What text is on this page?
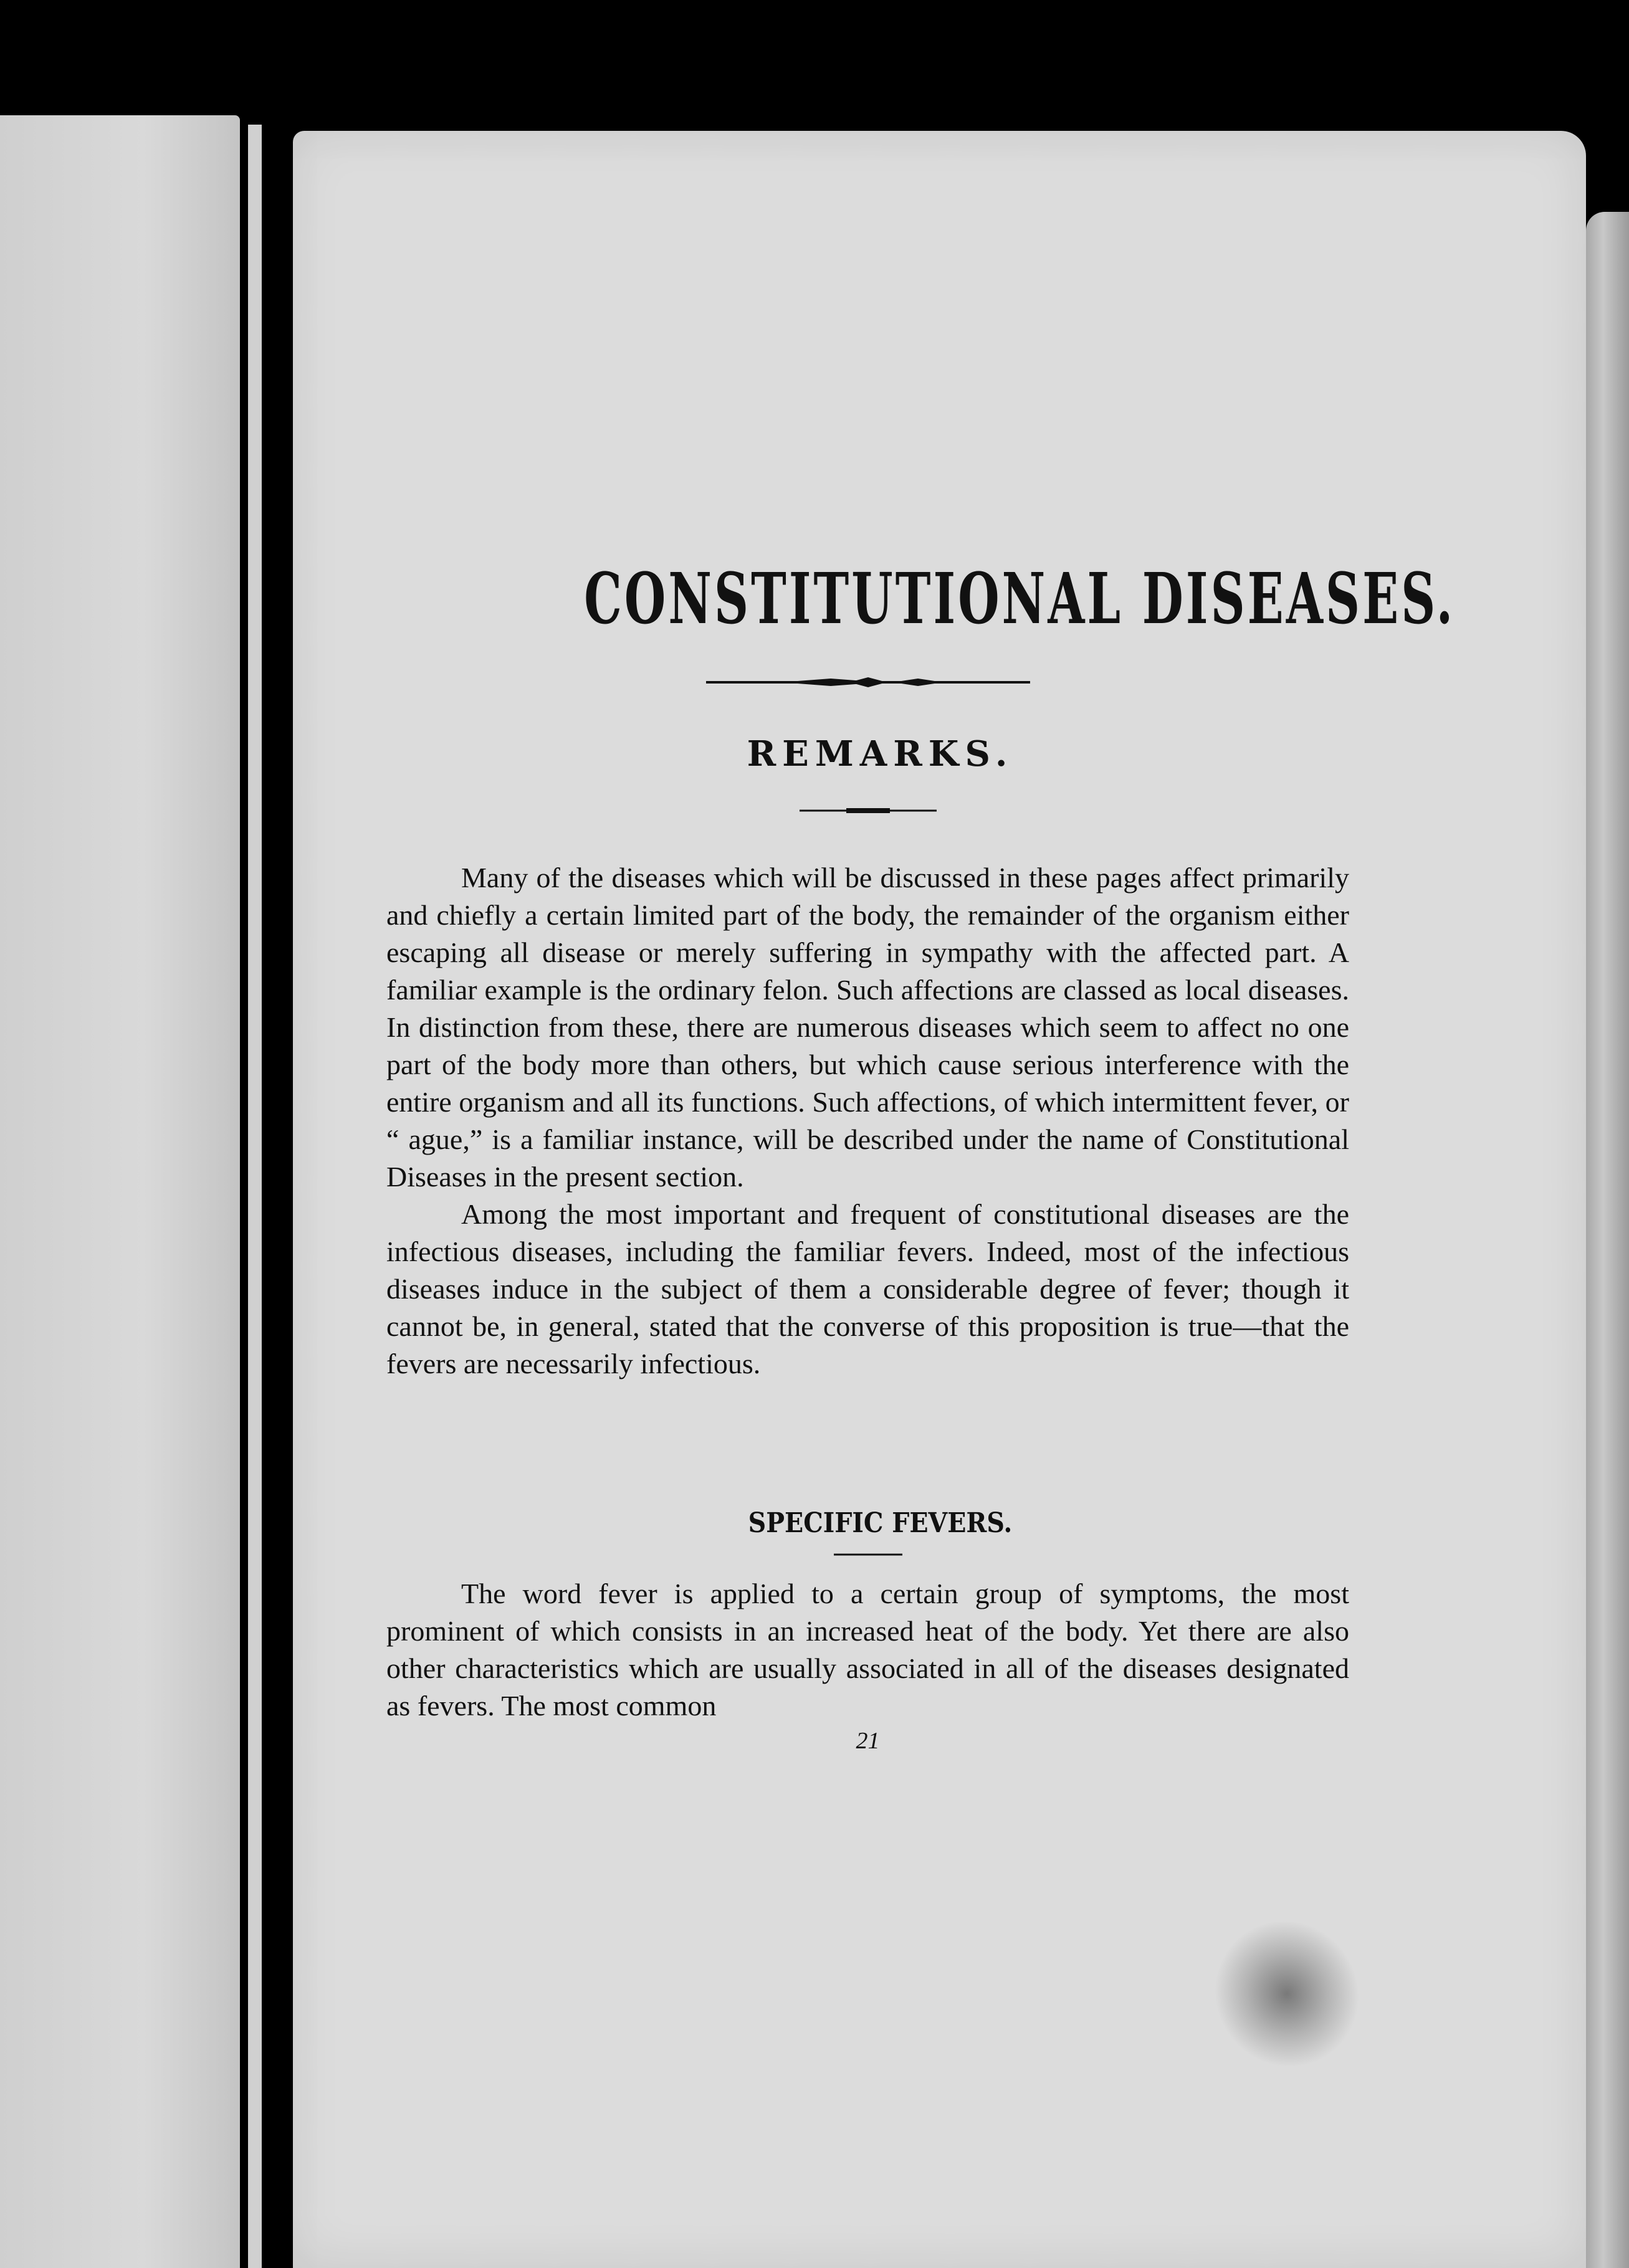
CONSTITUTIONAL DISEASES.
REMARKS.

Many of the diseases which will be discussed in these pages affect primarily and chiefly a certain limited part of the body, the remainder of the organism either escaping all disease or merely suffering in sympathy with the affected part. A familiar example is the ordinary felon. Such affections are classed as local diseases. In distinction from these, there are numerous diseases which seem to affect no one part of the body more than others, but which cause serious interference with the entire organism and all its functions. Such affections, of which intermittent fever, or “ ague,” is a familiar instance, will be described under the name of Constitutional Diseases in the present section.

Among the most important and frequent of constitutional diseases are the infectious diseases, including the familiar fevers. Indeed, most of the infectious diseases induce in the subject of them a considerable degree of fever; though it cannot be, in general, stated that the converse of this proposition is true—that the fevers are necessarily infectious.

SPECIFIC FEVERS.

The word fever is applied to a certain group of symptoms, the most prominent of which consists in an increased heat of the body. Yet there are also other characteristics which are usually associated in all of the diseases designated as fevers. The most common

21
